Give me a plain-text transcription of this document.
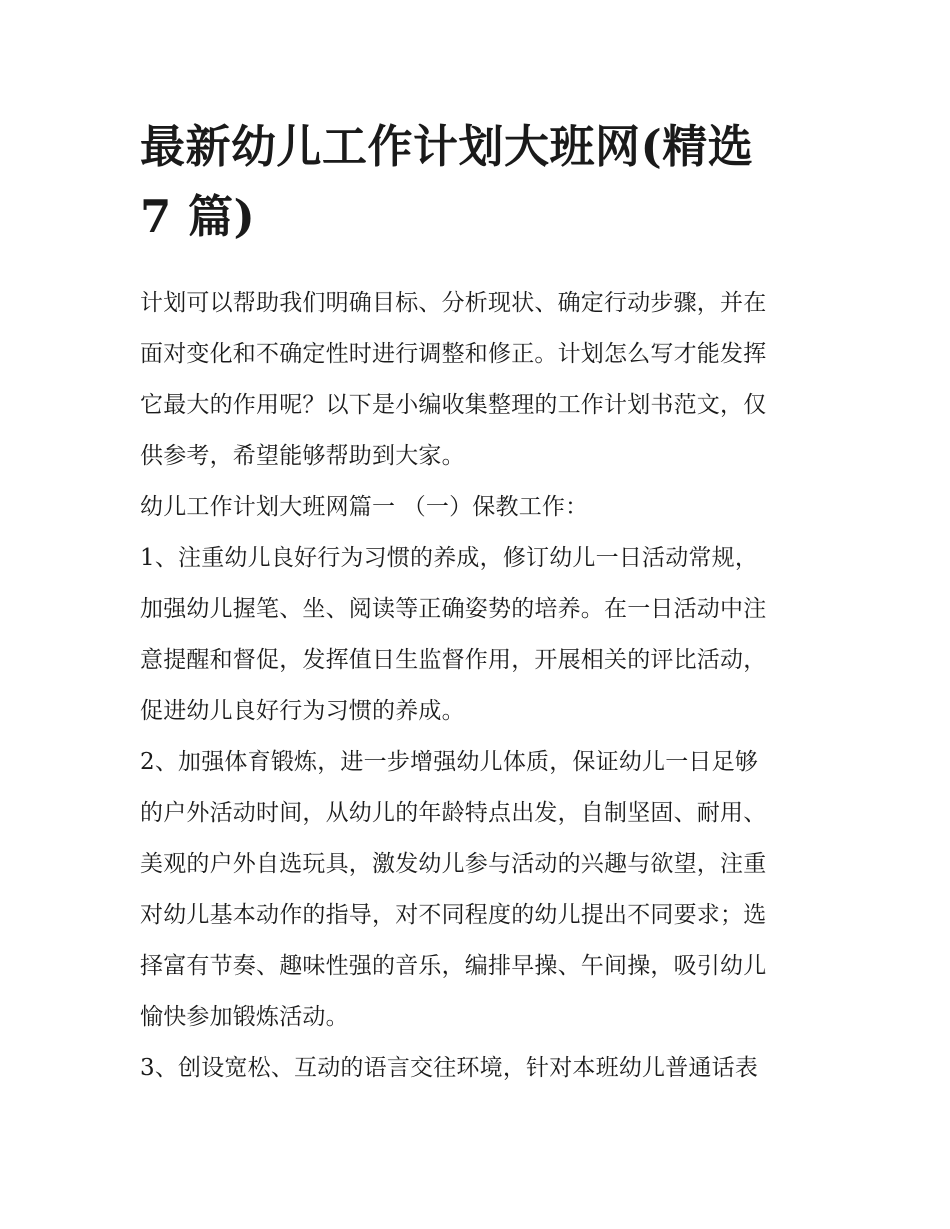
最新幼儿工作计划大班网(精选
7 篇)

计划可以帮助我们明确目标、分析现状、确定行动步骤，并在
面对变化和不确定性时进行调整和修正。计划怎么写才能发挥
它最大的作用呢？以下是小编收集整理的工作计划书范文，仅
供参考，希望能够帮助到大家。

幼儿工作计划大班网篇一 （一）保教工作：

1、注重幼儿良好行为习惯的养成，修订幼儿一日活动常规，
加强幼儿握笔、坐、阅读等正确姿势的培养。在一日活动中注
意提醒和督促，发挥值日生监督作用，开展相关的评比活动，
促进幼儿良好行为习惯的养成。

2、加强体育锻炼，进一步增强幼儿体质，保证幼儿一日足够
的户外活动时间，从幼儿的年龄特点出发，自制坚固、耐用、
美观的户外自选玩具，激发幼儿参与活动的兴趣与欲望，注重
对幼儿基本动作的指导，对不同程度的幼儿提出不同要求；选
择富有节奏、趣味性强的音乐，编排早操、午间操，吸引幼儿
愉快参加锻炼活动。

3、创设宽松、互动的语言交往环境，针对本班幼儿普通话表
